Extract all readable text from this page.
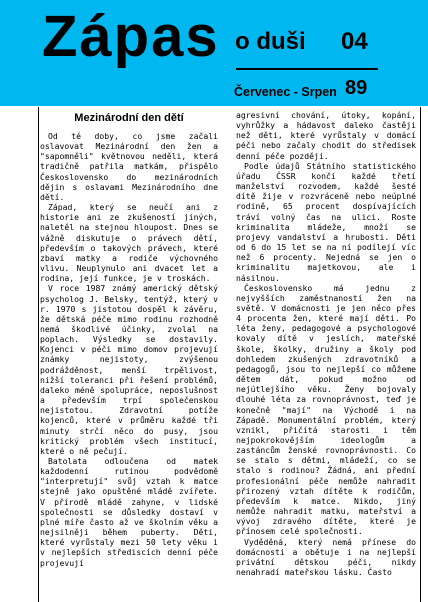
Zápas o duši 04
Červenec - Srpen 89
Mezinárodní den dětí

Od té doby, co jsme začali oslavovat Mezinárodní den žen a "sapomněli" květnovou neděli, která tradičně patřila matkám, přispělo Československo do mezinárodních dějin s oslavami Mezinárodního dne dětí.

Západ, který se neučí ani z historie ani ze zkušeností jiných, naletěl na stejnou hloupost. Dnes se vážně diskutuje o právech dětí, především o takových právech, které zbaví matky a rodiče výchovného vlivu. Neuplynulo ani dvacet let a rodina, její funkce, je v troskách.

V roce 1987 známý americký dětský psycholog J. Belsky, tentýž, který v r. 1970 s jistotou dospěl k závěru, že dětská péče mimo rodinu rozhodně nemá škodlivé účinky, zvolal na poplach. Výsledky se dostavily. Kojenci v péči mimo domov projevují známky nejistoty, zvýšenou podrážděnost, menší trpělivost, nižší toleranci při řešení problémů, daleko méně spolupráce, neposlušnost a především trpí společenskou nejistotou. Zdravotní potíže kojenců, které v průměru každé tři minuty strčí něco do pusy, jsou kritický problém všech institucí, které o ně pečují.

Batolata odloučena od matek každodenní rutinou podvědomě "interpretují" svůj vztah k matce stejně jako opuštěné mládě zvířete. V přírodě mládě zahyne, v lidské společnosti se důsledky dostaví v plné míře často až ve školním věku a nejsilněji během puberty. Děti, které vyrůstaly mezi 50 lety věku i v nejlepších střediscích denní péče projevují

agresivní chování, útoky, kopání, vyhrůžky a hádavost daleko častěji než děti, které vyrůstaly v domácí péči nebo začaly chodit do středisek denní péče později.

Podle údajů Státního statistického úřadu ČSSR končí každé třetí manželství rozvodem, každé šesté dítě žije v rozvráceně nebo neúplné rodině, 65 procent dospívajících tráví volný čas na ulici. Roste kriminalita mládeže, množí se projevy vandalství a hrubosti. Děti od 6 do 15 let se na ní podílejí víc než 6 procenty. Nejedná se jen o kriminalitu majetkovou, ale i násilnou.

Československo má jednu z nejvyšších zaměstnaností žen na světě. V domácnosti je jen něco přes 4 procenta žen, které mají děti. Po léta ženy, pedagogové a psychologové kovaly dítě v jeslích, mateřské škole, školky, družiny a školy pod dohledem zkušených zdravotníků a pedagogů, jsou to nejlepší co můžeme dětem dát, pokud možno od nejútlejšího věku. Ženy bojovaly dlouhé léta za rovnoprávnost, teď je konečně "mají" na Východě i na Západě. Monumentální problém, který vznikl, přičítá starosti i těm nejpokrokovějším ideologům a zastáncům ženské rovnoprávnosti. Co se stalo s dětmi, mládeží, co se stalo s rodinou? Žádná, ani přední profesionální péče nemůže nahradit přirozený vztah dítěte k rodičům, především k matce. Nikdo, jiný nemůže nahradit matku, mateřství a vývoj zdravého dítěte, které je přínosem celé společnosti.

Vyděděná, který nemá přínese do domácnosti a obětuje i na nejlepší privátní dětskou péči, nikdy nenahradí mateřskou lásku. Často
